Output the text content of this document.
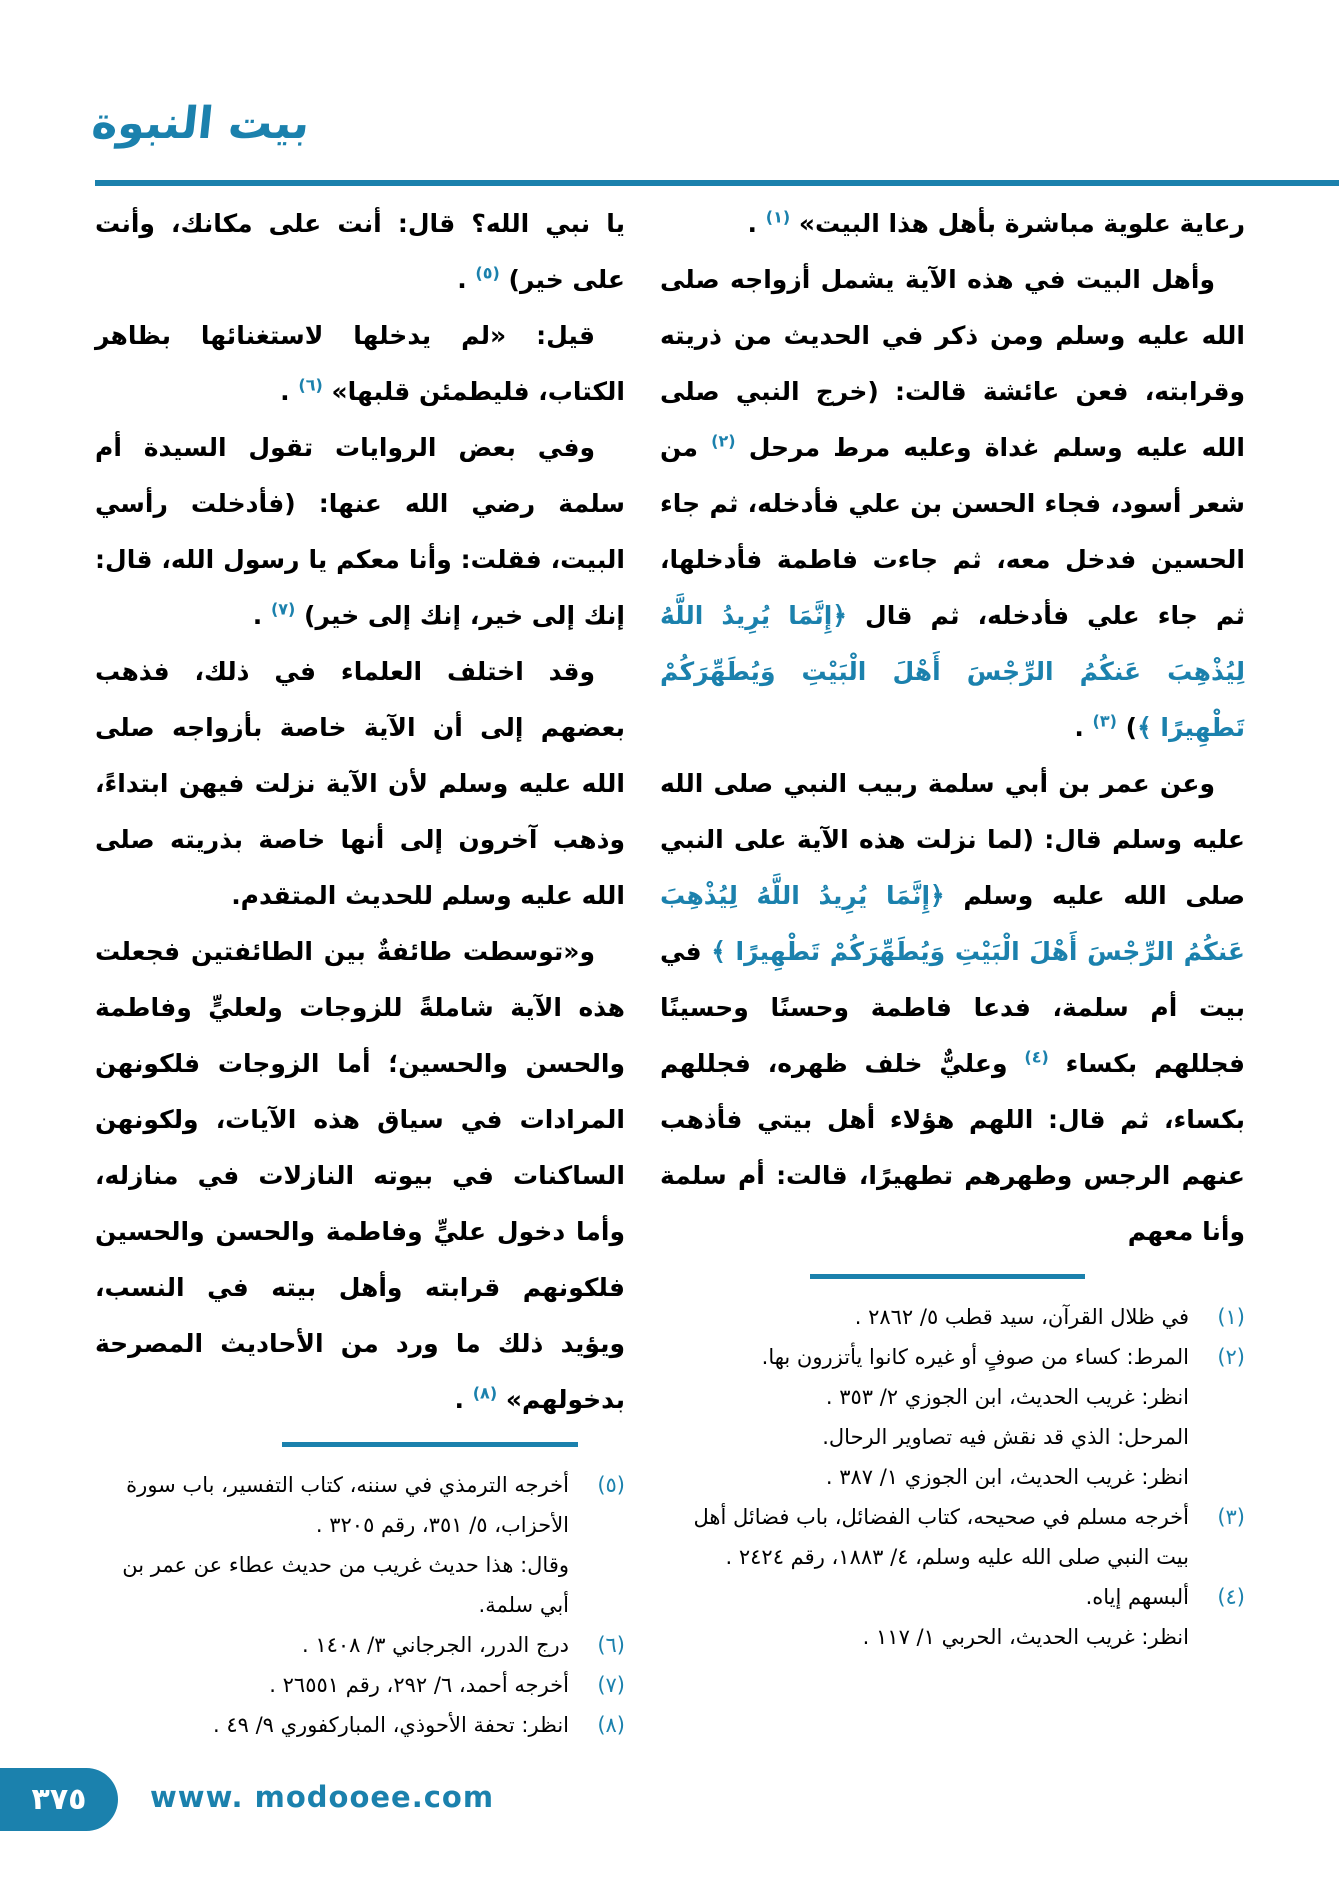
بيت النبوة

رعاية علوية مباشرة بأهل هذا البيت» $^{(١)}$ .

وأهل البيت في هذه الآية يشمل أزواجه صلى الله عليه وسلم ومن ذكر في الحديث من ذريته وقرابته، فعن عائشة قالت: (خرج النبي صلى الله عليه وسلم غداة وعليه مرط مرحل $^{(٢)}$ من شعر أسود، فجاء الحسن بن علي فأدخله، ثم جاء الحسين فدخل معه، ثم جاءت فاطمة فأدخلها، ثم جاء علي فأدخله، ثم قال ﴿إِنَّمَا يُرِيدُ اللَّهُ لِيُذْهِبَ عَنكُمُ الرِّجْسَ أَهْلَ الْبَيْتِ وَيُطَهِّرَكُمْ تَطْهِيرًا ﴾) $^{(٣)}$ .

وعن عمر بن أبي سلمة ربيب النبي صلى الله عليه وسلم قال: (لما نزلت هذه الآية على النبي صلى الله عليه وسلم ﴿إِنَّمَا يُرِيدُ اللَّهُ لِيُذْهِبَ عَنكُمُ الرِّجْسَ أَهْلَ الْبَيْتِ وَيُطَهِّرَكُمْ تَطْهِيرًا ﴾ في بيت أم سلمة، فدعا فاطمة وحسنًا وحسينًا فجللهم بكساء $^{(٤)}$ وعليٌّ خلف ظهره، فجللهم بكساء، ثم قال: اللهم هؤلاء أهل بيتي فأذهب عنهم الرجس وطهرهم تطهيرًا، قالت: أم سلمة وأنا معهم

(١)
في ظلال القرآن، سيد قطب ٥/ ٢٨٦٢ .
(٢)
المرط: كساء من صوفٍ أو غيره كانوا يأتزرون بها.
انظر: غريب الحديث، ابن الجوزي ٢/ ٣٥٣ .
المرحل: الذي قد نقش فيه تصاوير الرحال.
انظر: غريب الحديث، ابن الجوزي ١/ ٣٨٧ .
(٣)
أخرجه مسلم في صحيحه، كتاب الفضائل، باب فضائل أهل بيت النبي صلى الله عليه وسلم، ٤/ ١٨٨٣، رقم ٢٤٢٤ .
(٤)
ألبسهم إياه.
انظر: غريب الحديث، الحربي ١/ ١١٧ .

يا نبي الله؟ قال: أنت على مكانك، وأنت على خير) $^{(٥)}$ .

قيل: «لم يدخلها لاستغنائها بظاهر الكتاب، فليطمئن قلبها» $^{(٦)}$ .

وفي بعض الروايات تقول السيدة أم سلمة رضي الله عنها: (فأدخلت رأسي البيت، فقلت: وأنا معكم يا رسول الله، قال: إنك إلى خير، إنك إلى خير) $^{(٧)}$ .

وقد اختلف العلماء في ذلك، فذهب بعضهم إلى أن الآية خاصة بأزواجه صلى الله عليه وسلم لأن الآية نزلت فيهن ابتداءً، وذهب آخرون إلى أنها خاصة بذريته صلى الله عليه وسلم للحديث المتقدم.

و«توسطت طائفةٌ بين الطائفتين فجعلت هذه الآية شاملةً للزوجات ولعليٍّ وفاطمة والحسن والحسين؛ أما الزوجات فلكونهن المرادات في سياق هذه الآيات، ولكونهن الساكنات في بيوته النازلات في منازله، وأما دخول عليٍّ وفاطمة والحسن والحسين فلكونهم قرابته وأهل بيته في النسب، ويؤيد ذلك ما ورد من الأحاديث المصرحة بدخولهم» $^{(٨)}$ .

(٥)
أخرجه الترمذي في سننه، كتاب التفسير، باب سورة الأحزاب، ٥/ ٣٥١، رقم ٣٢٠٥ .
وقال: هذا حديث غريب من حديث عطاء عن عمر بن أبي سلمة.
(٦)
درج الدرر، الجرجاني ٣/ ١٤٠٨ .
(٧)
أخرجه أحمد، ٦/ ٢٩٢، رقم ٢٦٥٥١ .
(٨)
انظر: تحفة الأحوذي، المباركفوري ٩/ ٤٩ .
٣٧٥ www. modooee.com
